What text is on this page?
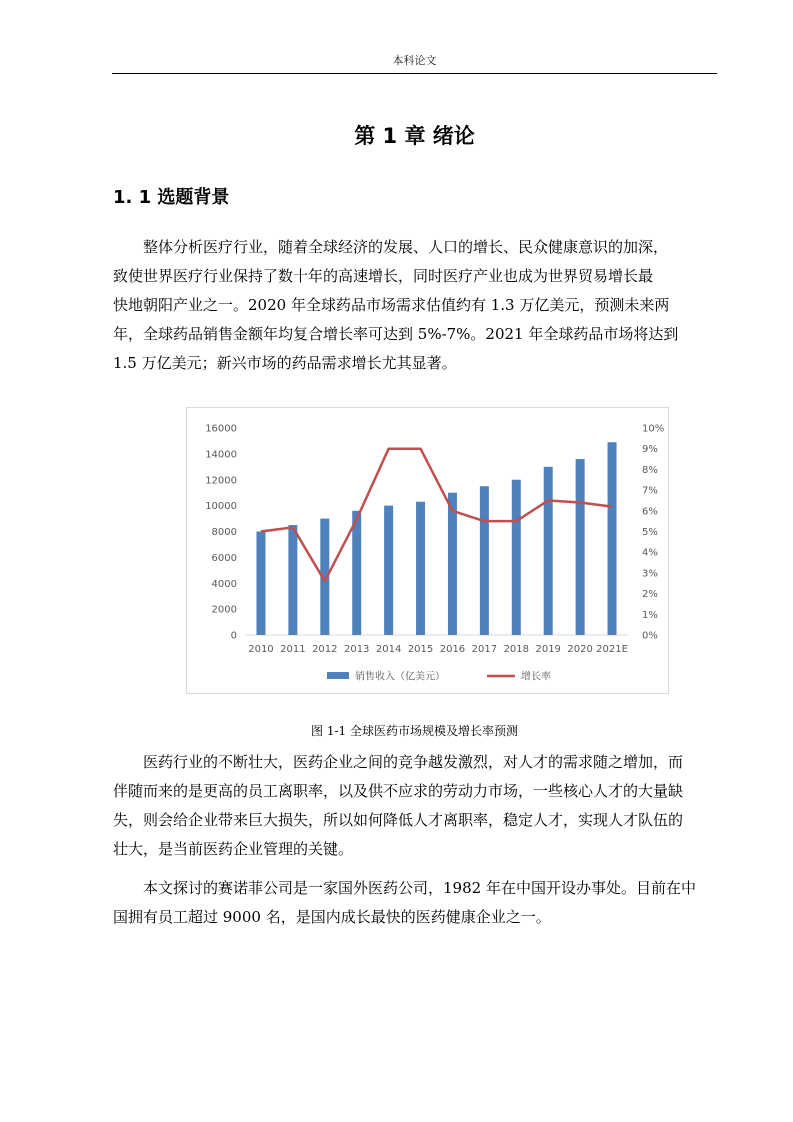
本科论文
第 1 章 绪论
1. 1 选题背景
　　整体分析医疗行业，随着全球经济的发展、人口的增长、民众健康意识的加深，
致使世界医疗行业保持了数十年的高速增长，同时医疗产业也成为世界贸易增长最
快地朝阳产业之一。2020 年全球药品市场需求估值约有 1.3 万亿美元，预测未来两
年，全球药品销售金额年均复合增长率可达到 5%-7%。2021 年全球药品市场将达到
1.5 万亿美元；新兴市场的药品需求增长尤其显著。
0
2000
4000
6000
8000
10000
12000
14000
16000
0%
1%
2%
3%
4%
5%
6%
7%
8%
9%
10%
2010 2011 2012 2013 2014 2015 2016 2017 2018 2019 2020 2021E
销售收入（亿美元）	增长率
图 1-1 全球医药市场规模及增长率预测
　　医药行业的不断壮大，医药企业之间的竞争越发激烈，对人才的需求随之增加，而
伴随而来的是更高的员工离职率，以及供不应求的劳动力市场，一些核心人才的大量缺
失，则会给企业带来巨大损失，所以如何降低人才离职率，稳定人才，实现人才队伍的
壮大，是当前医药企业管理的关键。
　　本文探讨的赛诺菲公司是一家国外医药公司，1982 年在中国开设办事处。目前在中
国拥有员工超过 9000 名，是国内成长最快的医药健康企业之一。
